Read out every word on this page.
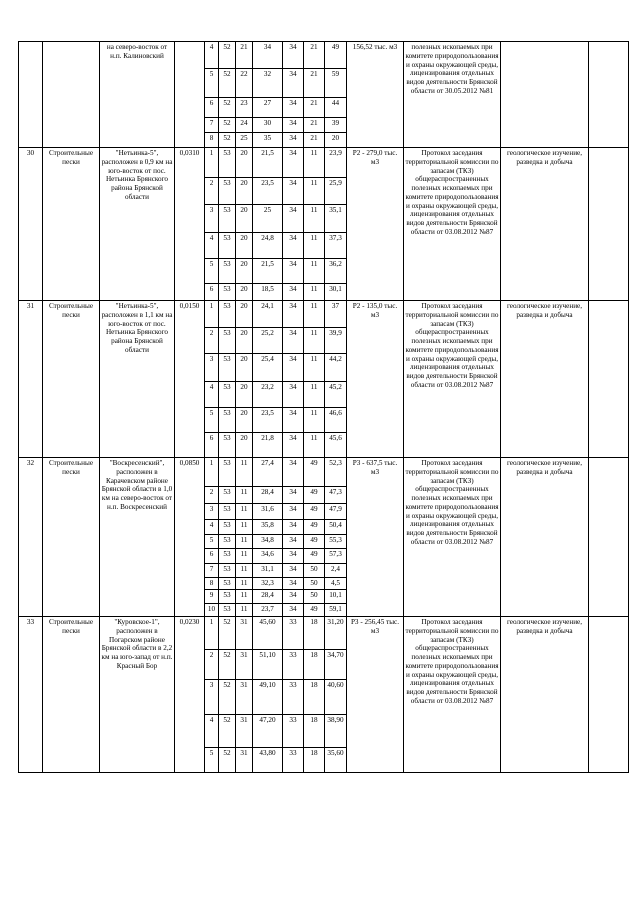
		на северо-восток от н.п. Калиновский		4	52	21	34	34	21	49	156,52 тыс. м3	полезных ископаемых при комитете природопользования и охраны окружающей среды, лицензирования отдельных видов деятельности Брянской области от 30.05.2012 №81		
				5	52	22	32	34	21	59				
				6	52	23	27	34	21	44				
				7	52	24	30	34	21	39				
				8	52	25	35	34	21	20				
30	Строительные пески	"Нетьинка-5", расположен в 0,9 км на юго-восток от пос. Нетьинка Брянского района Брянской области	0,0310	1	53	20	21,5	34	11	23,9	P2 - 279,0 тыс. м3	Протокол заседания территориальной комиссии по запасам (ТКЗ) общераспространенных полезных ископаемых при комитете природопользования и охраны окружающей среды, лицензирования отдельных видов деятельности Брянской области от 03.08.2012 №87	геологическое изучение, разведка и добыча	
				2	53	20	23,5	34	11	25,9				
				3	53	20	25	34	11	35,1				
				4	53	20	24,8	34	11	37,3				
				5	53	20	21,5	34	11	36,2				
				6	53	20	18,5	34	11	30,1				
31	Строительные пески	"Нетьинка-5", расположен в 1,1 км на юго-восток от пос. Нетьинка Брянского района Брянской области	0,0150	1	53	20	24,1	34	11	37	P2 - 135,0 тыс. м3	Протокол заседания территориальной комиссии по запасам (ТКЗ) общераспространенных полезных ископаемых при комитете природопользования и охраны окружающей среды, лицензирования отдельных видов деятельности Брянской области от 03.08.2012 №87	геологическое изучение, разведка и добыча	
				2	53	20	25,2	34	11	39,9				
				3	53	20	25,4	34	11	44,2				
				4	53	20	23,2	34	11	45,2				
				5	53	20	23,5	34	11	46,6				
				6	53	20	21,8	34	11	45,6				
32	Строительные пески	"Воскресенский", расположен в Карачевском районе Брянской области в 1,0 км на северо-восток от н.п. Воскресенский	0,0850	1	53	11	27,4	34	49	52,3	P3 - 637,5 тыс. м3	Протокол заседания территориальной комиссии по запасам (ТКЗ) общераспространенных полезных ископаемых при комитете природопользования и охраны окружающей среды, лицензирования отдельных видов деятельности Брянской области от 03.08.2012 №87	геологическое изучение, разведка и добыча	
				2	53	11	28,4	34	49	47,3				
				3	53	11	31,6	34	49	47,9				
				4	53	11	35,8	34	49	50,4				
				5	53	11	34,8	34	49	55,3				
				6	53	11	34,6	34	49	57,3				
				7	53	11	31,1	34	50	2,4				
				8	53	11	32,3	34	50	4,5				
				9	53	11	28,4	34	50	10,1				
				10	53	11	23,7	34	49	59,1				
33	Строительные пески	"Куровское-1", расположен в Погарском районе Брянской области в 2,2 км на юго-запад от н.п. Красный Бор	0,0230	1	52	31	45,60	33	18	31,20	P3 - 256,45 тыс. м3	Протокол заседания территориальной комиссии по запасам (ТКЗ) общераспространенных полезных ископаемых при комитете природопользования и охраны окружающей среды, лицензирования отдельных видов деятельности Брянской области от 03.08.2012 №87	геологическое изучение, разведка и добыча	
				2	52	31	51,10	33	18	34,70				
				3	52	31	49,10	33	18	40,60				
				4	52	31	47,20	33	18	38,90				
				5	52	31	43,80	33	18	35,60				
